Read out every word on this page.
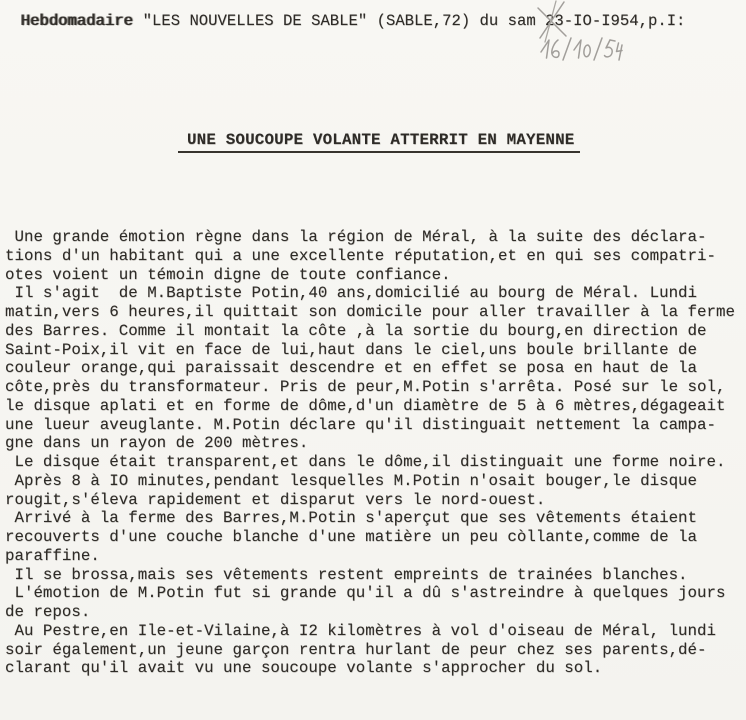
Hebdomadaire "LES NOUVELLES DE SABLE" (SABLE,72) du sam 23-IO-I954,p.I:
UNE SOUCOUPE VOLANTE ATTERRIT EN MAYENNE
Une grande émotion règne dans la région de Méral, à la suite des déclara-
tions d'un habitant qui a une excellente réputation,et en qui ses compatri-
otes voient un témoin digne de toute confiance.
Il s'agit  de M.Baptiste Potin,40 ans,domicilié au bourg de Méral. Lundi
matin,vers 6 heures,il quittait son domicile pour aller travailler à la ferme
des Barres. Comme il montait la côte ,à la sortie du bourg,en direction de
Saint-Poix,il vit en face de lui,haut dans le ciel,uns boule brillante de
couleur orange,qui paraissait descendre et en effet se posa en haut de la
côte,près du transformateur. Pris de peur,M.Potin s'arrêta. Posé sur le sol,
le disque aplati et en forme de dôme,d'un diamètre de 5 à 6 mètres,dégageait
une lueur aveuglante. M.Potin déclare qu'il distinguait nettement la campa-
gne dans un rayon de 200 mètres.
Le disque était transparent,et dans le dôme,il distinguait une forme noire.
Après 8 à IO minutes,pendant lesquelles M.Potin n'osait bouger,le disque
rougit,s'éleva rapidement et disparut vers le nord-ouest.
Arrivé à la ferme des Barres,M.Potin s'aperçut que ses vêtements étaient
recouverts d'une couche blanche d'une matière un peu còllante,comme de la
paraffine.
Il se brossa,mais ses vêtements restent empreints de trainées blanches.
L'émotion de M.Potin fut si grande qu'il a dû s'astreindre à quelques jours
de repos.
Au Pestre,en Ile-et-Vilaine,à I2 kilomètres à vol d'oiseau de Méral, lundi
soir également,un jeune garçon rentra hurlant de peur chez ses parents,dé-
clarant qu'il avait vu une soucoupe volante s'approcher du sol.
